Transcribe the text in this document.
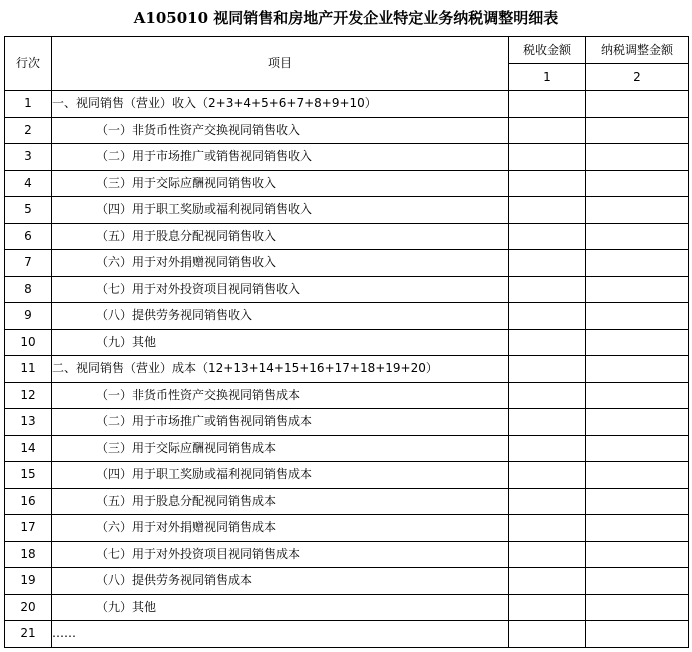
A105010 视同销售和房地产开发企业特定业务纳税调整明细表
行次	项目	税收金额	纳税调整金额
		1	2
1	一、视同销售（营业）收入（2+3+4+5+6+7+8+9+10）		
2	（一）非货币性资产交换视同销售收入		
3	（二）用于市场推广或销售视同销售收入		
4	（三）用于交际应酬视同销售收入		
5	（四）用于职工奖励或福利视同销售收入		
6	（五）用于股息分配视同销售收入		
7	（六）用于对外捐赠视同销售收入		
8	（七）用于对外投资项目视同销售收入		
9	（八）提供劳务视同销售收入		
10	（九）其他		
11	二、视同销售（营业）成本（12+13+14+15+16+17+18+19+20）		
12	（一）非货币性资产交换视同销售成本		
13	（二）用于市场推广或销售视同销售成本		
14	（三）用于交际应酬视同销售成本		
15	（四）用于职工奖励或福利视同销售成本		
16	（五）用于股息分配视同销售成本		
17	（六）用于对外捐赠视同销售成本		
18	（七）用于对外投资项目视同销售成本		
19	（八）提供劳务视同销售成本		
20	（九）其他		
21	……		
